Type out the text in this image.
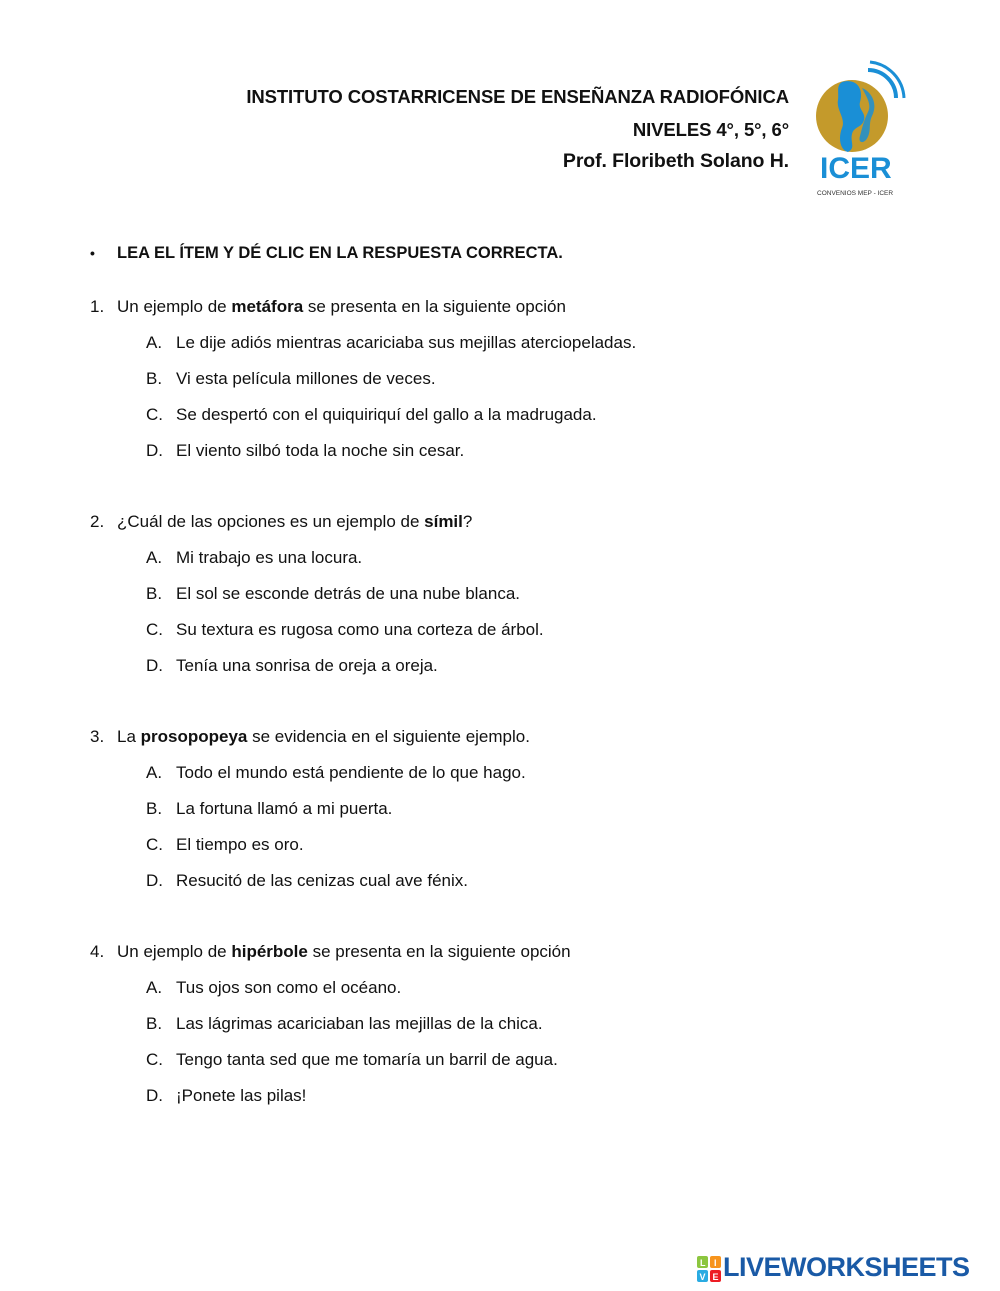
INSTITUTO COSTARRICENSE DE ENSEÑANZA RADIOFÓNICA
NIVELES 4°, 5°, 6°
Prof. Floribeth Solano H. ICER
CONVENIOS MEP - ICER
• LEA EL ÍTEM Y DÉ CLIC EN LA RESPUESTA CORRECTA.
1. Un ejemplo de metáfora se presenta en la siguiente opción
A. Le dije adiós mientras acariciaba sus mejillas aterciopeladas.
B. Vi esta película millones de veces.
C. Se despertó con el quiquiriquí del gallo a la madrugada.
D. El viento silbó toda la noche sin cesar.
2. ¿Cuál de las opciones es un ejemplo de símil?
A. Mi trabajo es una locura.
B. El sol se esconde detrás de una nube blanca.
C. Su textura es rugosa como una corteza de árbol.
D. Tenía una sonrisa de oreja a oreja.
3. La prosopopeya se evidencia en el siguiente ejemplo.
A. Todo el mundo está pendiente de lo que hago.
B. La fortuna llamó a mi puerta.
C. El tiempo es oro.
D. Resucitó de las cenizas cual ave fénix.
4. Un ejemplo de hipérbole se presenta en la siguiente opción
A. Tus ojos son como el océano.
B. Las lágrimas acariciaban las mejillas de la chica.
C. Tengo tanta sed que me tomaría un barril de agua.
D. ¡Ponete las pilas!
L I
V E LIVEWORKSHEETS
